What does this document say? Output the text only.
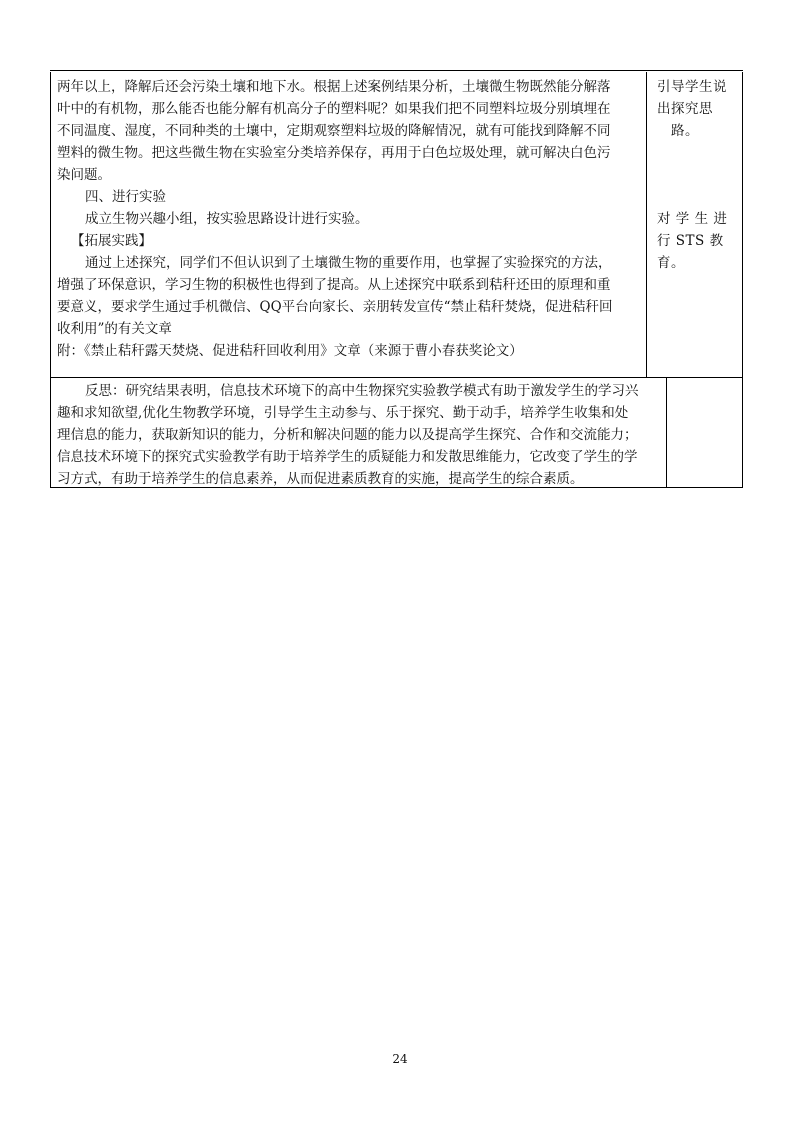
两年以上，降解后还会污染土壤和地下水。根据上述案例结果分析，土壤微生物既然能分解落
叶中的有机物，那么能否也能分解有机高分子的塑料呢？如果我们把不同塑料垃圾分别填埋在
不同温度、湿度，不同种类的土壤中，定期观察塑料垃圾的降解情况，就有可能找到降解不同
塑料的微生物。把这些微生物在实验室分类培养保存，再用于白色垃圾处理，就可解决白色污
染问题。
四、进行实验
成立生物兴趣小组，按实验思路设计进行实验。
【拓展实践】
通过上述探究，同学们不但认识到了土壤微生物的重要作用，也掌握了实验探究的方法，
增强了环保意识，学习生物的积极性也得到了提高。从上述探究中联系到秸秆还田的原理和重
要意义，要求学生通过手机微信、QQ平台向家长、亲朋转发宣传“禁止秸秆焚烧，促进秸秆回
收利用”的有关文章
附：《禁止秸秆露天焚烧、促进秸秆回收利用》文章（来源于曹小春获奖论文）
引导学生说
出探究思
路。
对 学 生 进
行 STS 教
育。
反思：研究结果表明，信息技术环境下的高中生物探究实验教学模式有助于激发学生的学习兴
趣和求知欲望,优化生物教学环境，引导学生主动参与、乐于探究、勤于动手，培养学生收集和处
理信息的能力，获取新知识的能力，分析和解决问题的能力以及提高学生探究、合作和交流能力；
信息技术环境下的探究式实验教学有助于培养学生的质疑能力和发散思维能力，它改变了学生的学
习方式，有助于培养学生的信息素养，从而促进素质教育的实施，提高学生的综合素质。
24
